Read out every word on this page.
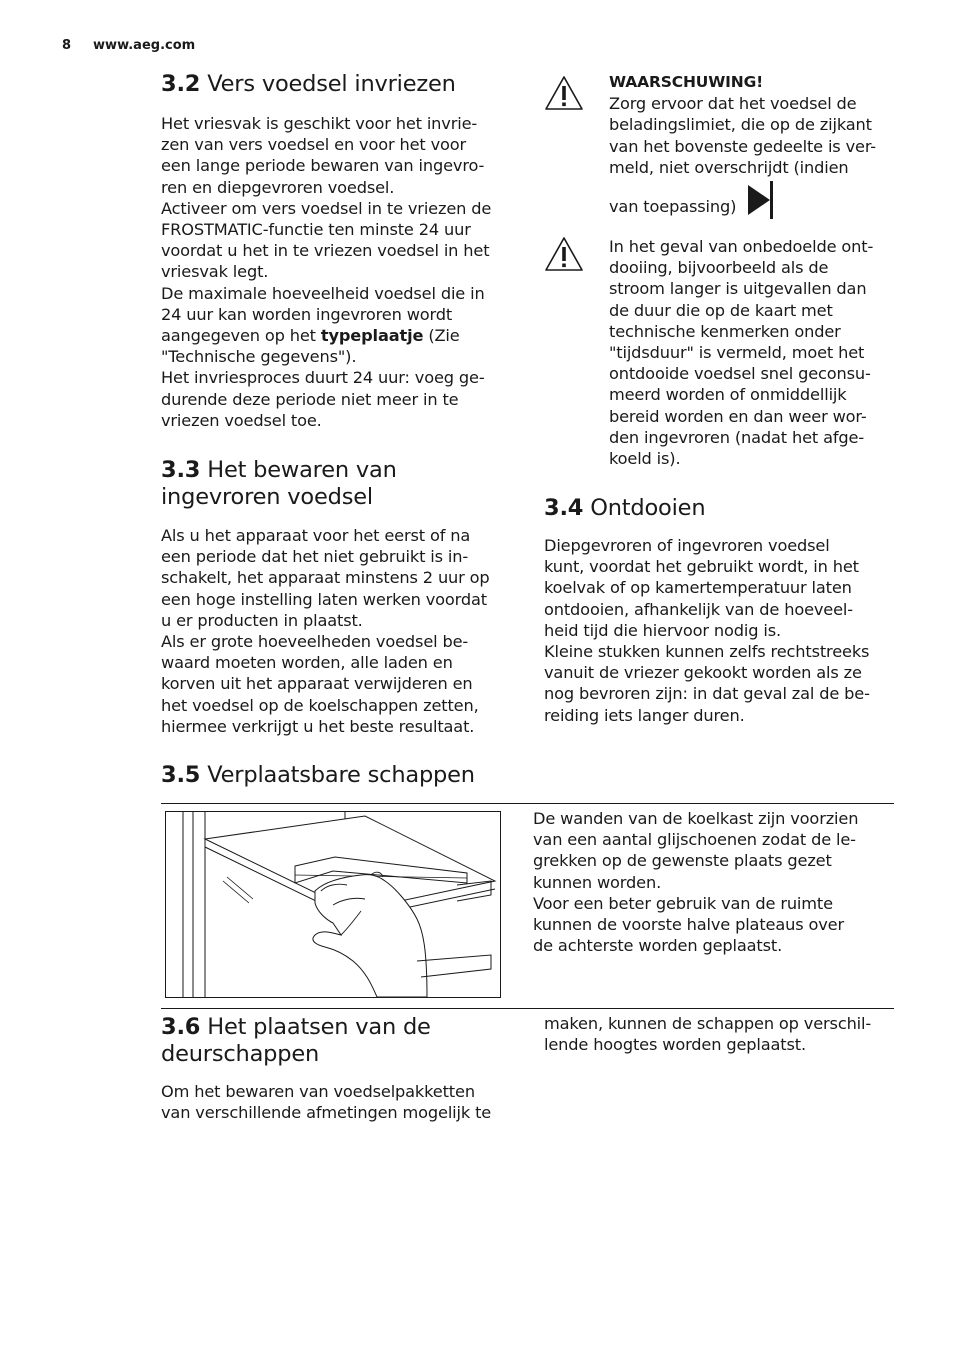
8 www.aeg.com
3.2 Vers voedsel invriezen
Het vriesvak is geschikt voor het invrie-
zen van vers voedsel en voor het voor
een lange periode bewaren van ingevro-
ren en diepgevroren voedsel.
Activeer om vers voedsel in te vriezen de
FROSTMATIC-functie ten minste 24 uur
voordat u het in te vriezen voedsel in het
vriesvak legt.
De maximale hoeveelheid voedsel die in
24 uur kan worden ingevroren wordt
aangegeven op het typeplaatje (Zie
"Technische gegevens").
Het invriesproces duurt 24 uur: voeg ge-
durende deze periode niet meer in te
vriezen voedsel toe.
3.3 Het bewaren van
ingevroren voedsel
Als u het apparaat voor het eerst of na
een periode dat het niet gebruikt is in-
schakelt, het apparaat minstens 2 uur op
een hoge instelling laten werken voordat
u er producten in plaatst.
Als er grote hoeveelheden voedsel be-
waard moeten worden, alle laden en
korven uit het apparaat verwijderen en
het voedsel op de koelschappen zetten,
hiermee verkrijgt u het beste resultaat.
WAARSCHUWING!
Zorg ervoor dat het voedsel de
beladingslimiet, die op de zijkant
van het bovenste gedeelte is ver-
meld, niet overschrijdt (indien
van toepassing)
In het geval van onbedoelde ont-
dooiing, bijvoorbeeld als de
stroom langer is uitgevallen dan
de duur die op de kaart met
technische kenmerken onder
"tijdsduur" is vermeld, moet het
ontdooide voedsel snel geconsu-
meerd worden of onmiddellijk
bereid worden en dan weer wor-
den ingevroren (nadat het afge-
koeld is).
3.4 Ontdooien
Diepgevroren of ingevroren voedsel
kunt, voordat het gebruikt wordt, in het
koelvak of op kamertemperatuur laten
ontdooien, afhankelijk van de hoeveel-
heid tijd die hiervoor nodig is.
Kleine stukken kunnen zelfs rechtstreeks
vanuit de vriezer gekookt worden als ze
nog bevroren zijn: in dat geval zal de be-
reiding iets langer duren.
3.5 Verplaatsbare schappen
De wanden van de koelkast zijn voorzien
van een aantal glijschoenen zodat de le-
grekken op de gewenste plaats gezet
kunnen worden.
Voor een beter gebruik van de ruimte
kunnen de voorste halve plateaus over
de achterste worden geplaatst.
3.6 Het plaatsen van de
deurschappen
Om het bewaren van voedselpakketten
van verschillende afmetingen mogelijk te
maken, kunnen de schappen op verschil-
lende hoogtes worden geplaatst.
